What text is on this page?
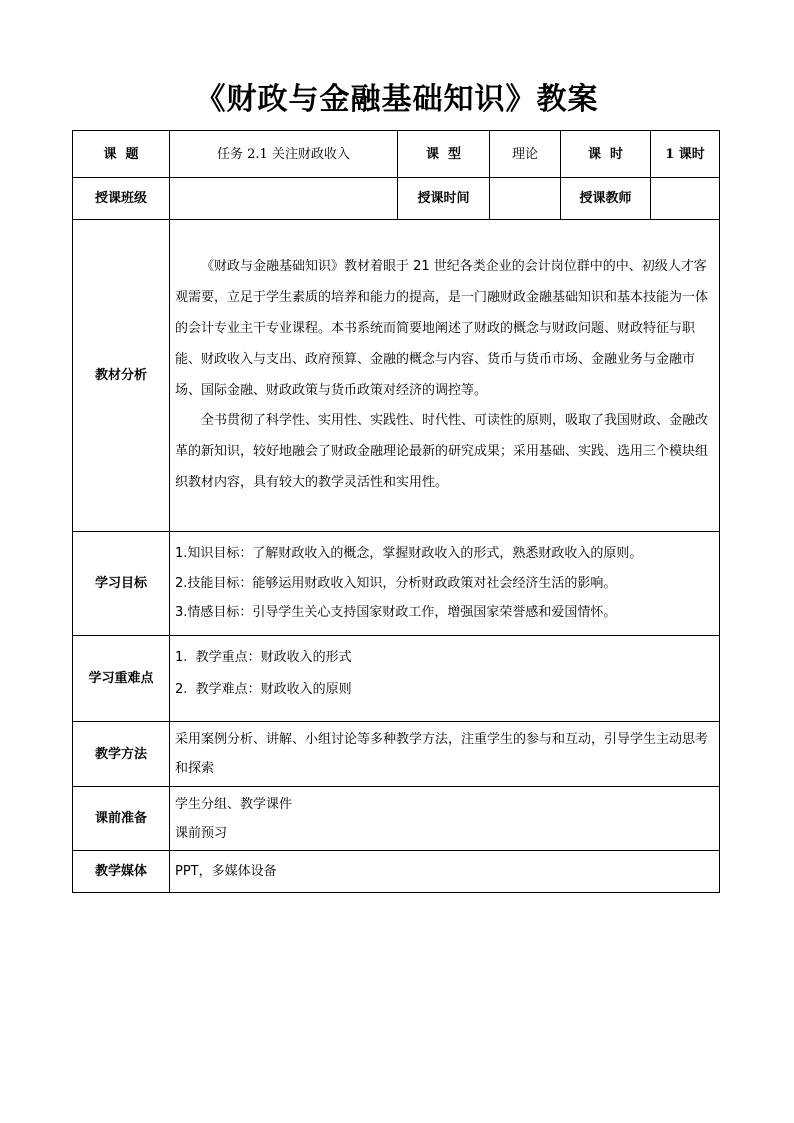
《财政与金融基础知识》教案
课  题	任务 2.1 关注财政收入	课  型	理论	课  时	1 课时
授课班级		授课时间		授课教师	
教材分析	《财政与金融基础知识》教材着眼于 21 世纪各类企业的会计岗位群中的中、初级人才客观需要，立足于学生素质的培养和能力的提高，是一门融财政金融基础知识和基本技能为一体的会计专业主干专业课程。本书系统而简要地阐述了财政的概念与财政问题、财政特征与职能、财政收入与支出、政府预算、金融的概念与内容、货币与货币市场、金融业务与金融市场、国际金融、财政政策与货币政策对经济的调控等。

全书贯彻了科学性、实用性、实践性、时代性、可读性的原则，吸取了我国财政、金融改革的新知识，较好地融会了财政金融理论最新的研究成果；采用基础、实践、选用三个模块组织教材内容，具有较大的教学灵活性和实用性。				

学习目标	1.知识目标：了解财政收入的概念，掌握财政收入的形式，熟悉财政收入的原则。
2.技能目标：能够运用财政收入知识，分析财政政策对社会经济生活的影响。
3.情感目标：引导学生关心支持国家财政工作，增强国家荣誉感和爱国情怀。				

学习重难点	1.  教学重点：财政收入的形式
2.  教学难点：财政收入的原则				

教学方法	采用案例分析、讲解、小组讨论等多种教学方法，注重学生的参与和互动，引导学生主动思考和探索				
课前准备	学生分组、教学课件
课前预习				

教学媒体	PPT，多媒体设备				
